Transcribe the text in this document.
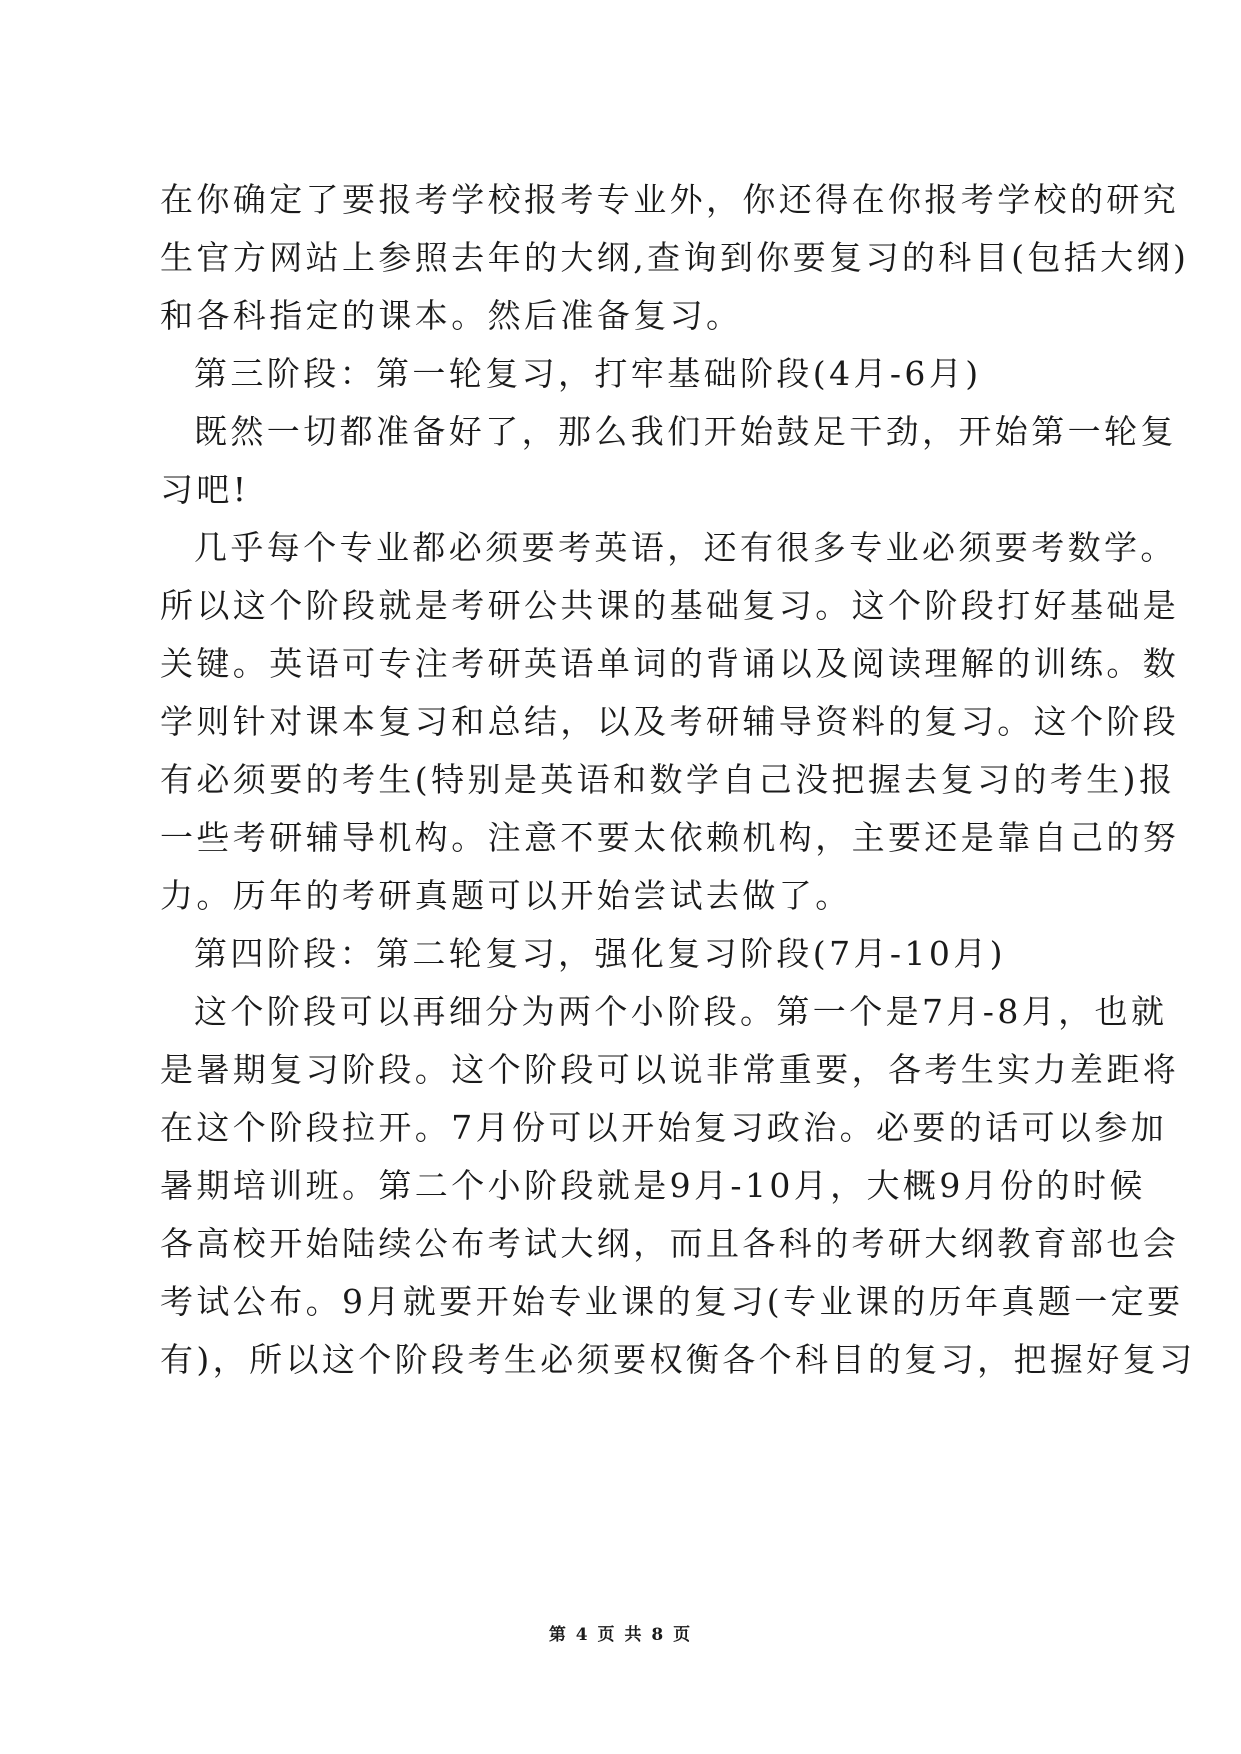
在你确定了要报考学校报考专业外，你还得在你报考学校的研究
生官方网站上参照去年的大纲,查询到你要复习的科目(包括大纲)
和各科指定的课本。然后准备复习。
第三阶段：第一轮复习，打牢基础阶段(4月-6月)
既然一切都准备好了，那么我们开始鼓足干劲，开始第一轮复
习吧!
几乎每个专业都必须要考英语，还有很多专业必须要考数学。
所以这个阶段就是考研公共课的基础复习。这个阶段打好基础是
关键。英语可专注考研英语单词的背诵以及阅读理解的训练。数
学则针对课本复习和总结，以及考研辅导资料的复习。这个阶段
有必须要的考生(特别是英语和数学自己没把握去复习的考生)报
一些考研辅导机构。注意不要太依赖机构，主要还是靠自己的努
力。历年的考研真题可以开始尝试去做了。
第四阶段：第二轮复习，强化复习阶段(7月-10月)
这个阶段可以再细分为两个小阶段。第一个是7月-8月，也就
是暑期复习阶段。这个阶段可以说非常重要，各考生实力差距将
在这个阶段拉开。7月份可以开始复习政治。必要的话可以参加
暑期培训班。第二个小阶段就是9月-10月，大概9月份的时候
各高校开始陆续公布考试大纲，而且各科的考研大纲教育部也会
考试公布。9月就要开始专业课的复习(专业课的历年真题一定要
有)，所以这个阶段考生必须要权衡各个科目的复习，把握好复习
第 4 页 共 8 页
